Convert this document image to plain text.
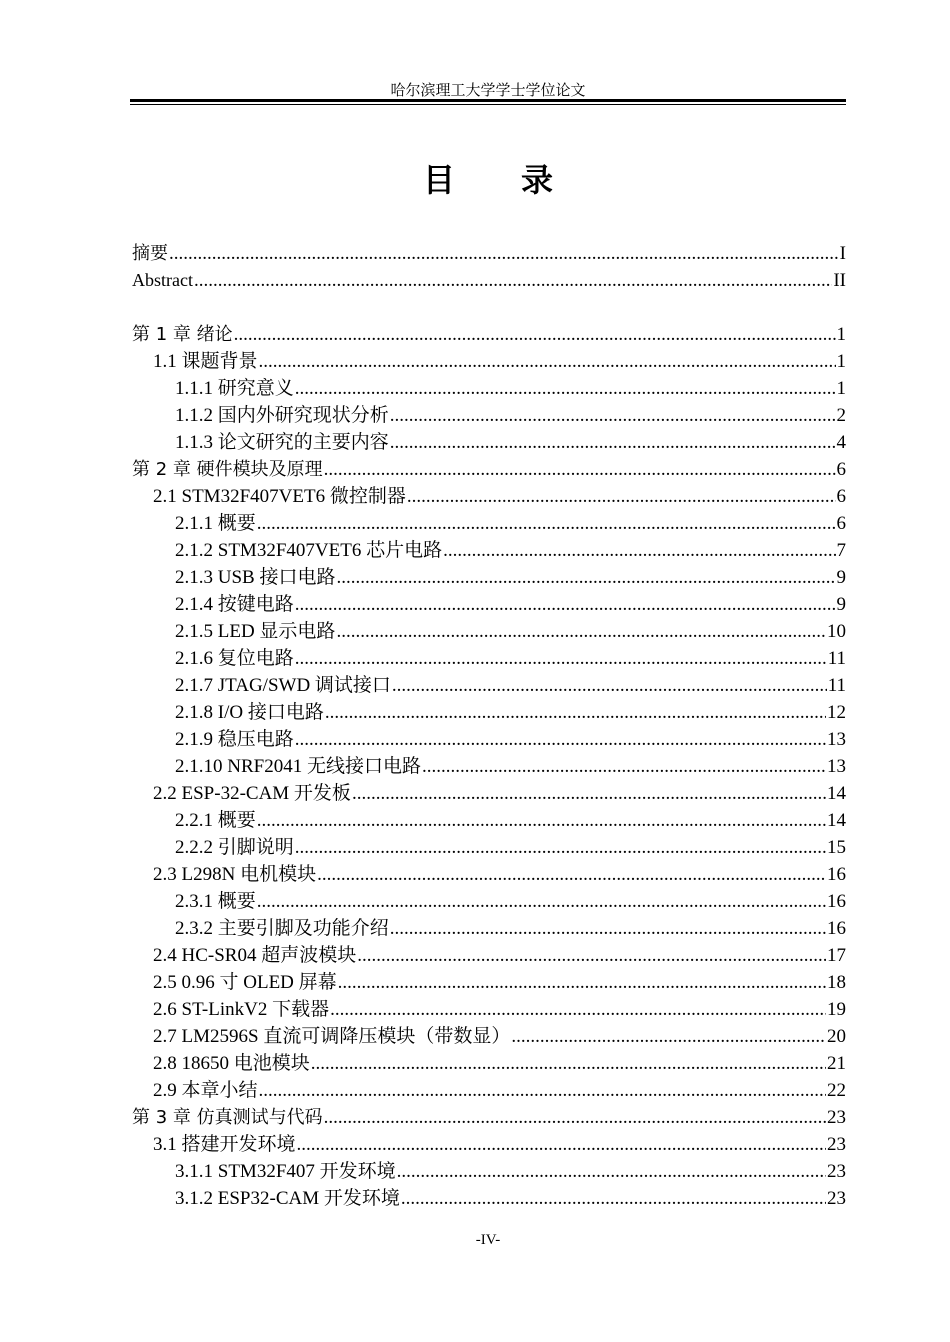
哈尔滨理工大学学士学位论文
目 录
摘要 .....	I
Abstract .....	II
第 1 章 绪论 .....	1
1.1 课题背景 .....	1
1.1.1 研究意义 .....	1
1.1.2 国内外研究现状分析 .....	2
1.1.3 论文研究的主要内容 .....	4
第 2 章 硬件模块及原理 .....	6
2.1 STM32F407VET6 微控制器 .....	6
2.1.1 概要 .....	6
2.1.2 STM32F407VET6 芯片电路 .....	7
2.1.3 USB 接口电路 .....	9
2.1.4 按键电路 .....	9
2.1.5 LED 显示电路 .....	10
2.1.6 复位电路 .....	11
2.1.7 JTAG/SWD 调试接口 .....	11
2.1.8 I/O 接口电路 .....	12
2.1.9 稳压电路 .....	13
2.1.10 NRF2041 无线接口电路 .....	13
2.2 ESP-32-CAM 开发板 .....	14
2.2.1 概要 .....	14
2.2.2 引脚说明 .....	15
2.3 L298N 电机模块 .....	16
2.3.1 概要 .....	16
2.3.2 主要引脚及功能介绍 .....	16
2.4 HC-SR04 超声波模块 .....	17
2.5 0.96 寸 OLED 屏幕 .....	18
2.6 ST-LinkV2 下载器 .....	19
2.7 LM2596S 直流可调降压模块（带数显） .....	20
2.8 18650 电池模块 .....	21
2.9 本章小结 .....	22
第 3 章 仿真测试与代码 .....	23
3.1 搭建开发环境 .....	23
3.1.1 STM32F407 开发环境 .....	23
3.1.2 ESP32-CAM 开发环境 .....	23
-IV-
